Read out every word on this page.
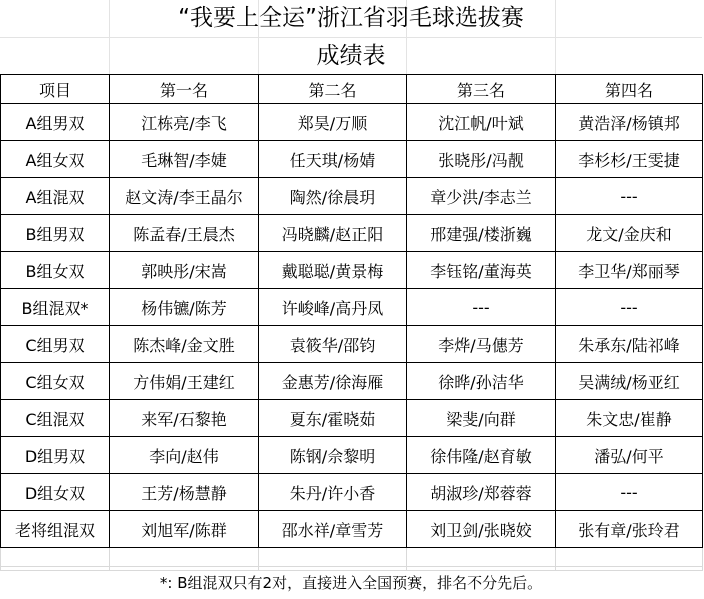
“我要上全运”浙江省羽毛球选拔赛
成绩表
项目	第一名	第二名	第三名	第四名
A组男双	江栋亮/李飞	郑昊/万顺	沈江帆/叶斌	黄浩泽/杨镇邦
A组女双	毛琳智/李婕	任天琪/杨婧	张晓彤/冯靓	李杉杉/王雯捷
A组混双	赵文涛/李王晶尔	陶然/徐晨玥	章少洪/李志兰	---
B组男双	陈孟春/王晨杰	冯晓麟/赵正阳	邢建强/楼浙巍	龙文/金庆和
B组女双	郭映彤/宋嵩	戴聪聪/黄景梅	李钰铭/董海英	李卫华/郑丽琴
B组混双*	杨伟镳/陈芳	许峻峰/高丹凤	---	---
C组男双	陈杰峰/金文胜	袁筱华/邵钧	李烨/马僡芳	朱承东/陆祁峰
C组女双	方伟娟/王建红	金惠芳/徐海雁	徐晔/孙洁华	吴满绒/杨亚红
C组混双	来军/石黎艳	夏东/霍晓茹	梁斐/向群	朱文忠/崔静
D组男双	李向/赵伟	陈钢/佘黎明	徐伟隆/赵育敏	潘弘/何平
D组女双	王芳/杨慧静	朱丹/许小香	胡淑珍/郑蓉蓉	---
老将组混双	刘旭军/陈群	邵水祥/章雪芳	刘卫剑/张晓姣	张有章/张玲君

*: B组混双只有2对，直接进入全国预赛，排名不分先后。
